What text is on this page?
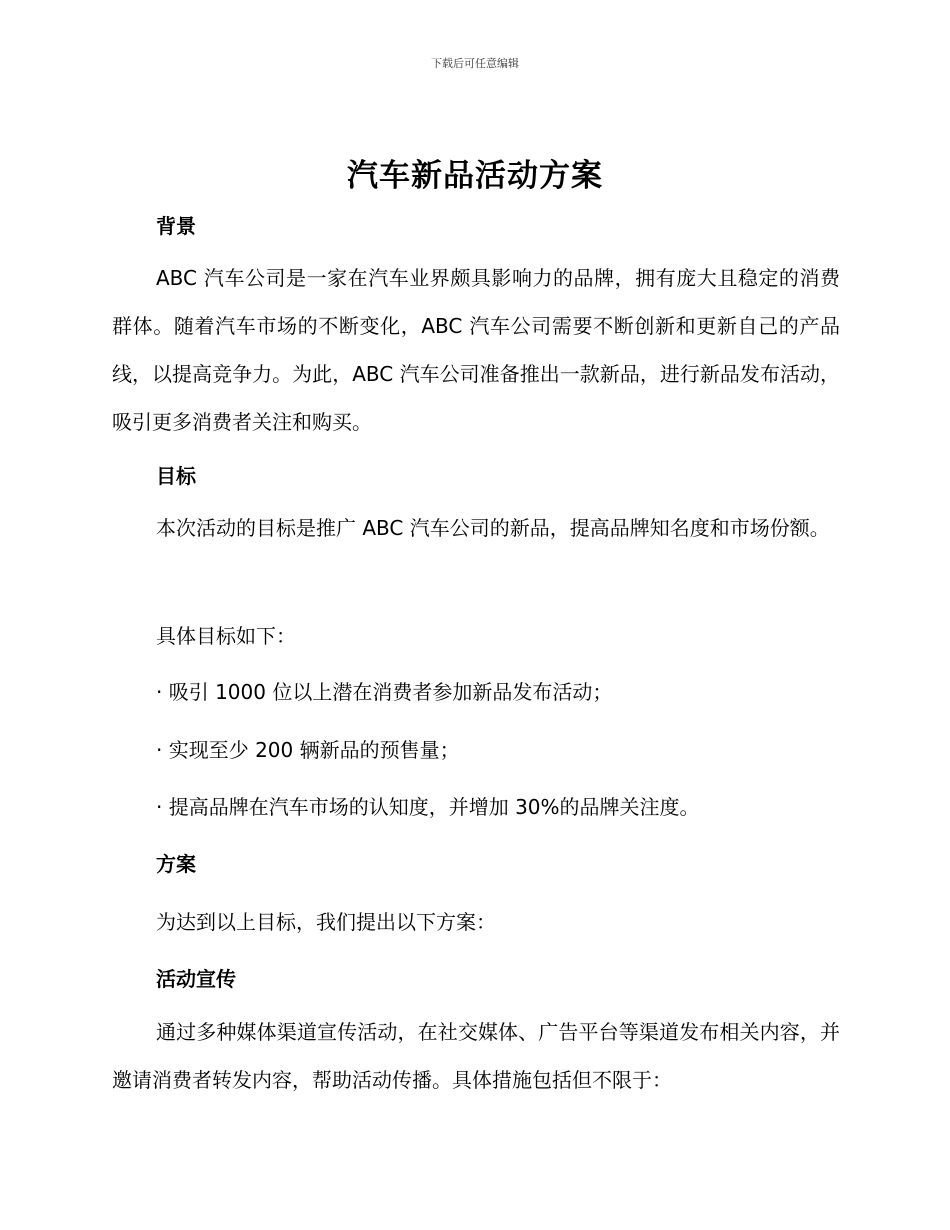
下载后可任意编辑
汽车新品活动方案
背景

ABC 汽车公司是一家在汽车业界颇具影响力的品牌，拥有庞大且稳定的消费群体。随着汽车市场的不断变化，ABC 汽车公司需要不断创新和更新自己的产品线，以提高竞争力。为此，ABC 汽车公司准备推出一款新品，进行新品发布活动，吸引更多消费者关注和购买。

目标

本次活动的目标是推广 ABC 汽车公司的新品，提高品牌知名度和市场份额。

具体目标如下：
· 吸引 1000 位以上潜在消费者参加新品发布活动；
· 实现至少 200 辆新品的预售量；
· 提高品牌在汽车市场的认知度，并增加 30%的品牌关注度。
方案
为达到以上目标，我们提出以下方案：
活动宣传

通过多种媒体渠道宣传活动，在社交媒体、广告平台等渠道发布相关内容，并邀请消费者转发内容，帮助活动传播。具体措施包括但不限于：
